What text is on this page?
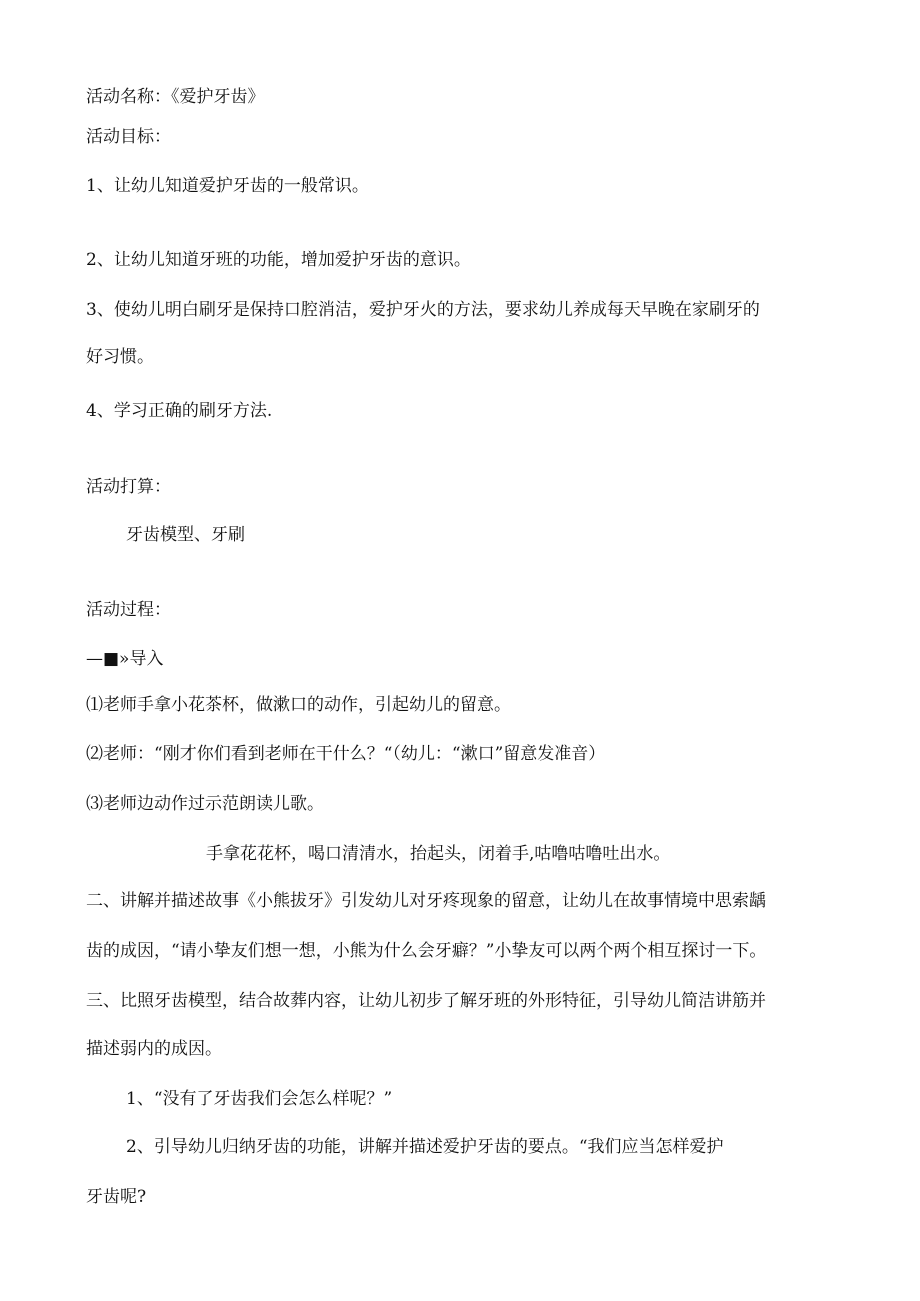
活动名称：《爱护牙齿》
活动目标：
1、让幼儿知道爱护牙齿的一般常识。
2、让幼儿知道牙班的功能，增加爱护牙齿的意识。
3、使幼儿明白刷牙是保持口腔消洁，爱护牙火的方法，要求幼儿养成每天早晚在家刷牙的
好习惯。
4、学习正确的刷牙方法.
活动打算：
牙齿模型、牙刷
活动过程：
—■»导入
⑴老师手拿小花茶杯，做漱口的动作，引起幼儿的留意。
⑵老师：“刚才你们看到老师在干什么？“（幼儿：“漱口”留意发准音）
⑶老师边动作过示范朗读儿歌。
手拿花花杯，喝口清清水，抬起头，闭着手,咕噜咕噜吐出水。
二、讲解并描述故事《小熊拔牙》引发幼儿对牙疼现象的留意，让幼儿在故事情境中思索龋
齿的成因，“请小挚友们想一想，小熊为什么会牙癖？”小挚友可以两个两个相互探讨一下。
三、比照牙齿模型，结合故葬内容，让幼儿初步了解牙班的外形特征，引导幼儿简洁讲筋并
描述弱内的成因。
1、“没有了牙齿我们会怎么样呢？”
2、引导幼儿归纳牙齿的功能，讲解并描述爱护牙齿的要点。“我们应当怎样爱护
牙齿呢?
